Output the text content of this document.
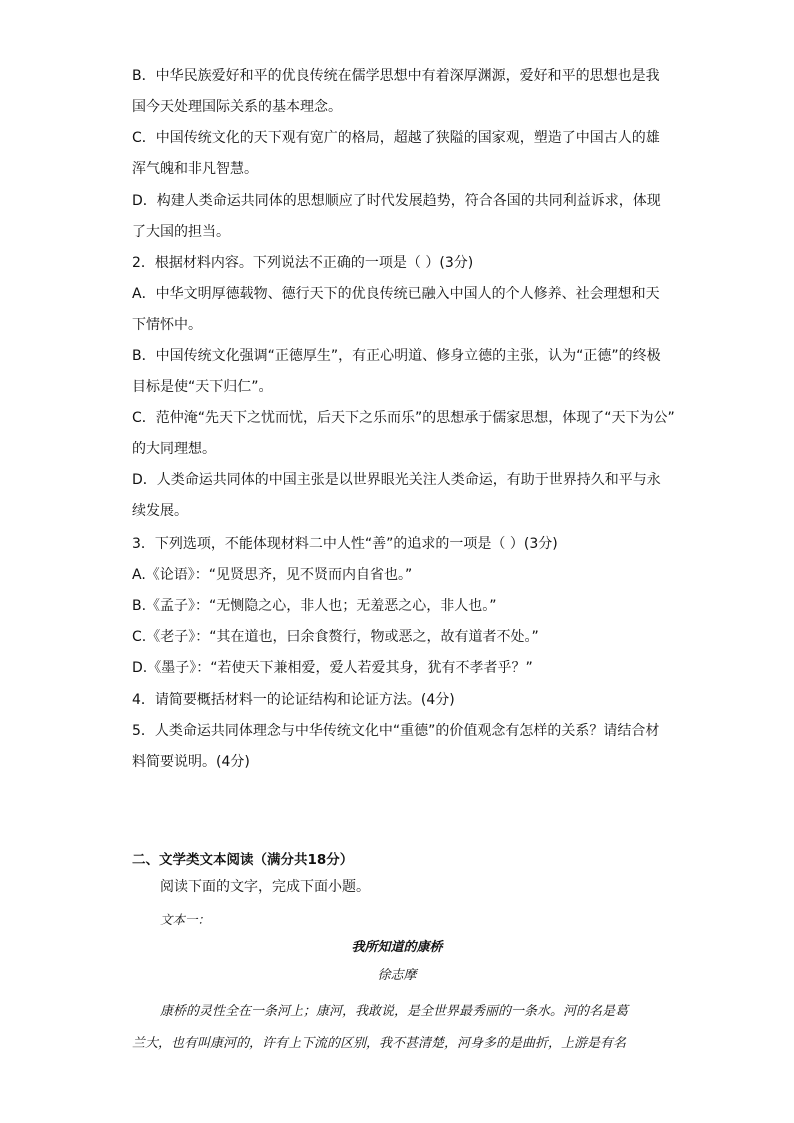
B．中华民族爱好和平的优良传统在儒学思想中有着深厚渊源，爱好和平的思想也是我
国今天处理国际关系的基本理念。
C．中国传统文化的天下观有宽广的格局，超越了狭隘的国家观，塑造了中国古人的雄
浑气魄和非凡智慧。
D．构建人类命运共同体的思想顺应了时代发展趋势，符合各国的共同利益诉求，体现
了大国的担当。
2．根据材料内容。下列说法不正确的一项是（ ）(3分)
A．中华文明厚德载物、德行天下的优良传统已融入中国人的个人修养、社会理想和天
下情怀中。
B．中国传统文化强调“正德厚生”，有正心明道、修身立德的主张，认为“正德”的终极
目标是使“天下归仁”。
C．范仲淹“先天下之忧而忧，后天下之乐而乐”的思想承于儒家思想，体现了“天下为公”
的大同理想。
D．人类命运共同体的中国主张是以世界眼光关注人类命运，有助于世界持久和平与永
续发展。
3．下列选项，不能体现材料二中人性“善”的追求的一项是（ ）(3分)
A.《论语》：“见贤思齐，见不贤而内自省也。”
B.《孟子》：“无恻隐之心，非人也；无羞恶之心，非人也。”
C.《老子》：“其在道也，曰余食赘行，物或恶之，故有道者不处。”
D.《墨子》：“若使天下兼相爱，爱人若爱其身，犹有不孝者乎？”
4．请简要概括材料一的论证结构和论证方法。(4分)
5．人类命运共同体理念与中华传统文化中“重德”的价值观念有怎样的关系？请结合材
料简要说明。(4分)
二、文学类文本阅读（满分共18分）
阅读下面的文字，完成下面小题。
文本一：
我所知道的康桥
徐志摩
康桥的灵性全在一条河上；康河，我敢说，是全世界最秀丽的一条水。河的名是葛
兰大，也有叫康河的，许有上下流的区别，我不甚清楚，河身多的是曲折，上游是有名
